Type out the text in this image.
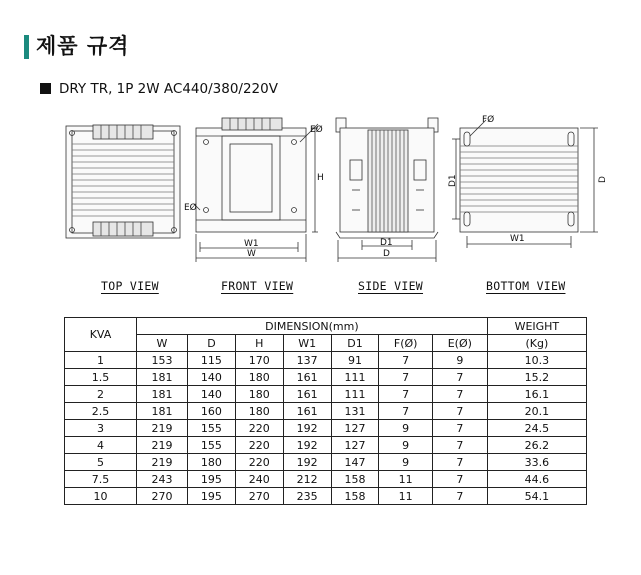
제품 규격
DRY TR, 1P 2W AC440/380/220V
EØ
EØ
H
W1
W
D1
D
FØ
D1	D
W1
TOP VIEW	FRONT VIEW	SIDE VIEW	BOTTOM VIEW
KVA	DIMENSION(mm)							WEIGHT
	W	D	H	W1	D1	F(Ø)	E(Ø)	(Kg)
1	153	115	170	137	91	7	9	10.3
1.5	181	140	180	161	111	7	7	15.2
2	181	140	180	161	111	7	7	16.1
2.5	181	160	180	161	131	7	7	20.1
3	219	155	220	192	127	9	7	24.5
4	219	155	220	192	127	9	7	26.2
5	219	180	220	192	147	9	7	33.6
7.5	243	195	240	212	158	11	7	44.6
10	270	195	270	235	158	11	7	54.1
